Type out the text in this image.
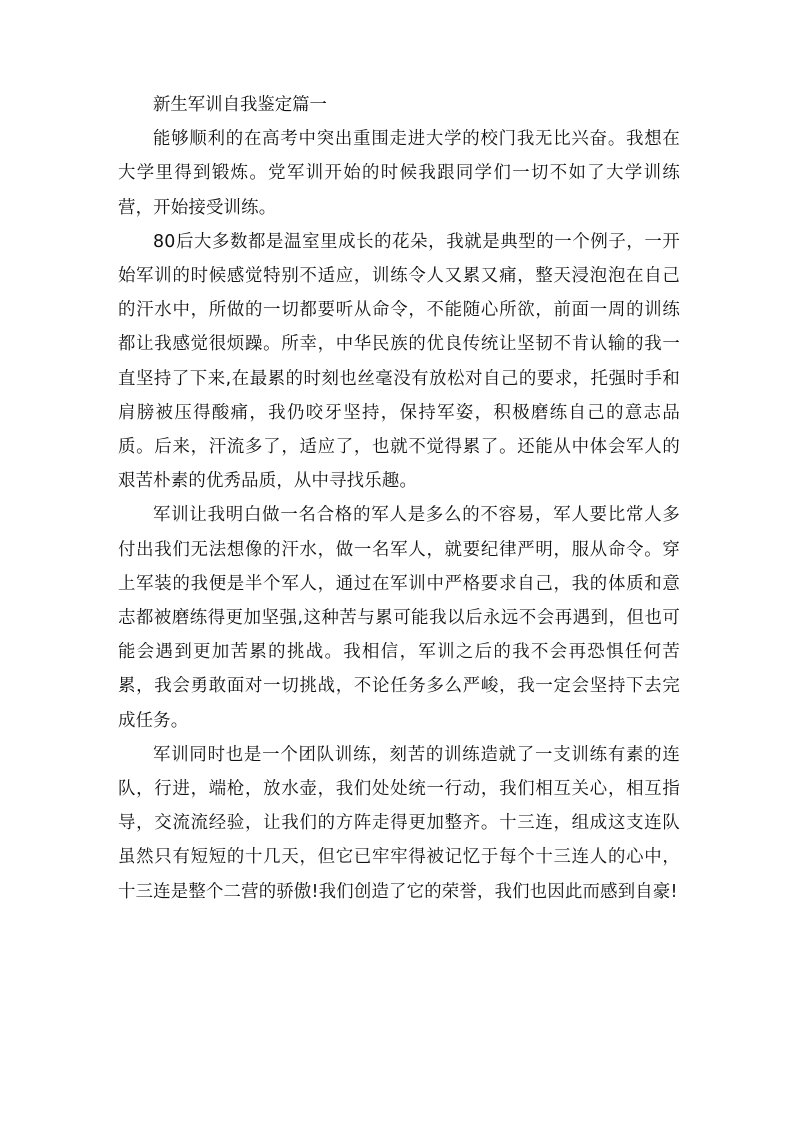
新生军训自我鉴定篇一

能够顺利的在高考中突出重围走进大学的校门我无比兴奋。我想在大学里得到锻炼。党军训开始的时候我跟同学们一切不如了大学训练营，开始接受训练。

80后大多数都是温室里成长的花朵，我就是典型的一个例子，一开始军训的时候感觉特别不适应，训练令人又累又痛，整天浸泡泡在自己的汗水中，所做的一切都要听从命令，不能随心所欲，前面一周的训练都让我感觉很烦躁。所幸，中华民族的优良传统让坚韧不肯认输的我一直坚持了下来,在最累的时刻也丝毫没有放松对自己的要求，托强时手和肩膀被压得酸痛，我仍咬牙坚持，保持军姿，积极磨练自己的意志品质。后来，汗流多了，适应了，也就不觉得累了。还能从中体会军人的艰苦朴素的优秀品质，从中寻找乐趣。

军训让我明白做一名合格的军人是多么的不容易，军人要比常人多付出我们无法想像的汗水，做一名军人，就要纪律严明，服从命令。穿上军装的我便是半个军人，通过在军训中严格要求自己，我的体质和意志都被磨练得更加坚强,这种苦与累可能我以后永远不会再遇到，但也可能会遇到更加苦累的挑战。我相信，军训之后的我不会再恐惧任何苦累，我会勇敢面对一切挑战，不论任务多么严峻，我一定会坚持下去完成任务。

军训同时也是一个团队训练，刻苦的训练造就了一支训练有素的连队，行进，端枪，放水壶，我们处处统一行动，我们相互关心，相互指导，交流流经验，让我们的方阵走得更加整齐。十三连，组成这支连队虽然只有短短的十几天，但它已牢牢得被记忆于每个十三连人的心中，十三连是整个二营的骄傲!我们创造了它的荣誉，我们也因此而感到自豪!
